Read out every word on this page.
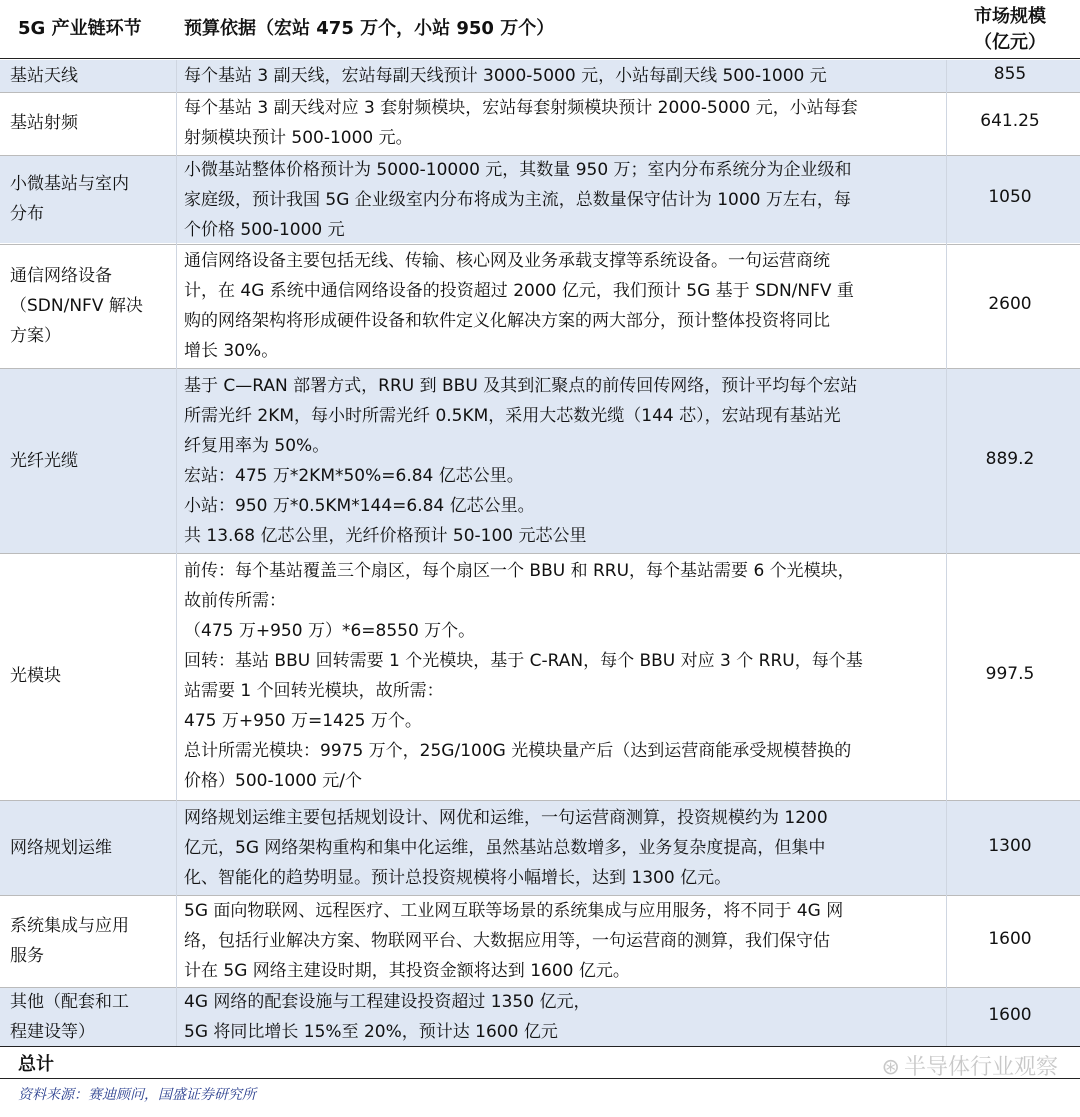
5G 产业链环节 预算依据（宏站 475 万个，小站 950 万个）
市场规模
（亿元）
基站天线	每个基站 3 副天线，宏站每副天线预计 3000-5000 元，小站每副天线 500-1000 元	855
基站射频
每个基站 3 副天线对应 3 套射频模块，宏站每套射频模块预计 2000-5000 元，小站每套
射频模块预计 500-1000 元。
641.25
小微基站与室内
分布
小微基站整体价格预计为 5000-10000 元，其数量 950 万；室内分布系统分为企业级和
家庭级，预计我国 5G 企业级室内分布将成为主流，总数量保守估计为 1000 万左右，每
个价格 500-1000 元
1050
通信网络设备
（SDN/NFV 解决
方案）
通信网络设备主要包括无线、传输、核心网及业务承载支撑等系统设备。一句运营商统
计，在 4G 系统中通信网络设备的投资超过 2000 亿元，我们预计 5G 基于 SDN/NFV 重
购的网络架构将形成硬件设备和软件定义化解决方案的两大部分，预计整体投资将同比
增长 30%。
2600
光纤光缆
基于 C—RAN 部署方式，RRU 到 BBU 及其到汇聚点的前传回传网络，预计平均每个宏站
所需光纤 2KM，每小时所需光纤 0.5KM，采用大芯数光缆（144 芯），宏站现有基站光
纤复用率为 50%。
宏站：475 万*2KM*50%=6.84 亿芯公里。
小站：950 万*0.5KM*144=6.84 亿芯公里。
共 13.68 亿芯公里，光纤价格预计 50-100 元芯公里
889.2
光模块
前传：每个基站覆盖三个扇区，每个扇区一个 BBU 和 RRU，每个基站需要 6 个光模块，
故前传所需：
（475 万+950 万）*6=8550 万个。
回转：基站 BBU 回转需要 1 个光模块，基于 C-RAN，每个 BBU 对应 3 个 RRU，每个基
站需要 1 个回转光模块，故所需：
475 万+950 万=1425 万个。
总计所需光模块：9975 万个，25G/100G 光模块量产后（达到运营商能承受规模替换的
价格）500-1000 元/个
997.5
网络规划运维
网络规划运维主要包括规划设计、网优和运维，一句运营商测算，投资规模约为 1200
亿元，5G 网络架构重构和集中化运维，虽然基站总数增多，业务复杂度提高，但集中
化、智能化的趋势明显。预计总投资规模将小幅增长，达到 1300 亿元。
1300
系统集成与应用
服务
5G 面向物联网、远程医疗、工业网互联等场景的系统集成与应用服务，将不同于 4G 网
络，包括行业解决方案、物联网平台、大数据应用等，一句运营商的测算，我们保守估
计在 5G 网络主建设时期，其投资金额将达到 1600 亿元。
1600
其他（配套和工
程建设等）
4G 网络的配套设施与工程建设投资超过 1350 亿元，
5G 将同比增长 15%至 20%，预计达 1600 亿元
1600
总计
资料来源：赛迪顾问，国盛证券研究所
⊛ 半导体行业观察
